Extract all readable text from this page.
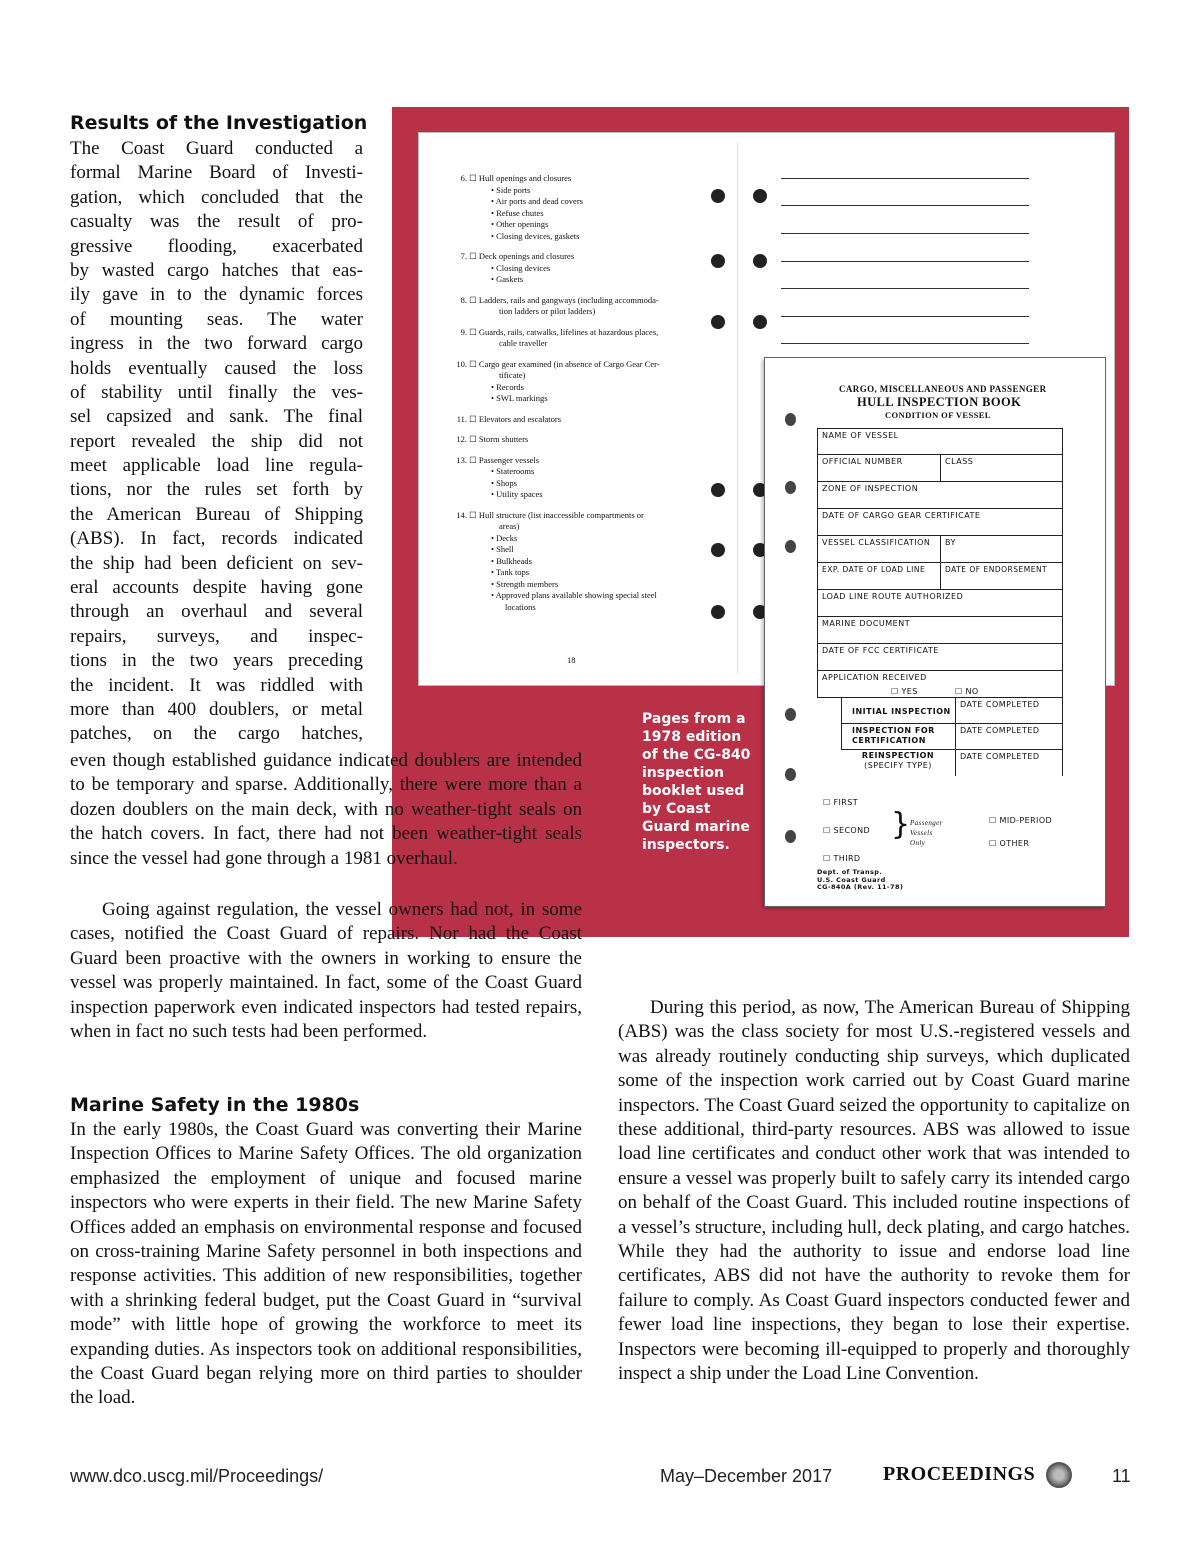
Results of the Investigation
The Coast Guard conducted a
formal Marine Board of Investi-
gation, which concluded that the
casualty was the result of pro-
gressive flooding, exacerbated
by wasted cargo hatches that eas-
ily gave in to the dynamic forces
of mounting seas. The water
ingress in the two forward cargo
holds eventually caused the loss
of stability until finally the ves-
sel capsized and sank. The final
report revealed the ship did not
meet applicable load line regula-
tions, nor the rules set forth by
the American Bureau of Shipping
(ABS). In fact, records indicated
the ship had been deficient on sev-
eral accounts despite having gone
through an overhaul and several
repairs, surveys, and inspec-
tions in the two years preceding
the incident. It was riddled with
more than 400 doublers, or metal
patches, on the cargo hatches,

even though established guidance indicated doublers are intended to be temporary and sparse. Additionally, there were more than a dozen doublers on the main deck, with no weather-tight seals on the hatch covers. In fact, there had not been weather-tight seals since the vessel had gone through a 1981 overhaul.

Going against regulation, the vessel owners had not, in some cases, notified the Coast Guard of repairs. Nor had the Coast Guard been proactive with the owners in working to ensure the vessel was properly maintained. In fact, some of the Coast Guard inspection paperwork even indicated inspectors had tested repairs, when in fact no such tests had been performed.

Marine Safety in the 1980s

In the early 1980s, the Coast Guard was converting their Marine Inspection Offices to Marine Safety Offices. The old organization emphasized the employment of unique and focused marine inspectors who were experts in their field. The new Marine Safety Offices added an emphasis on environmental response and focused on cross-training Marine Safety personnel in both inspections and response activities. This addition of new responsibilities, together with a shrinking federal budget, put the Coast Guard in “survival mode” with little hope of growing the workforce to meet its expanding duties. As inspectors took on additional responsibilities, the Coast Guard began relying more on third parties to shoulder the load.

During this period, as now, The American Bureau of Shipping (ABS) was the class society for most U.S.-registered vessels and was already routinely conducting ship surveys, which duplicated some of the inspection work carried out by Coast Guard marine inspectors. The Coast Guard seized the opportunity to capitalize on these additional, third-party resources. ABS was allowed to issue load line certificates and conduct other work that was intended to ensure a vessel was properly built to safely carry its intended cargo on behalf of the Coast Guard. This included routine inspections of a vessel’s structure, including hull, deck plating, and cargo hatches. While they had the authority to issue and endorse load line certificates, ABS did not have the authority to revoke them for failure to comply. As Coast Guard inspectors conducted fewer and fewer load line inspections, they began to lose their expertise. Inspectors were becoming ill-equipped to properly and thoroughly inspect a ship under the Load Line Convention.

6. ☐ Hull openings and closures
• Side ports
• Air ports and dead covers
• Refuse chutes
• Other openings
• Closing devices, gaskets
7. ☐ Deck openings and closures
• Closing devices
• Gaskets
8. ☐ Ladders, rails and gangways (including accommoda-
tion ladders or pilot ladders)
9. ☐ Guards, rails, catwalks, lifelines at hazardous places,
cable traveller
10. ☐ Cargo gear examined (in absence of Cargo Gear Cer-
tificate)
• Records
• SWL markings
11. ☐ Elevators and escalators
12. ☐ Storm shutters
13. ☐ Passenger vessels
• Staterooms
• Shops
• Utility spaces
14. ☐ Hull structure (list inaccessible compartments or
areas)
• Decks
• Shell
• Bulkheads
• Tank tops
• Strength members
• Approved plans available showing special steel
locations
18
CARGO, MISCELLANEOUS AND PASSENGER
HULL INSPECTION BOOK
CONDITION OF VESSEL
NAME OF VESSEL
OFFICIAL NUMBER	CLASS
ZONE OF INSPECTION
DATE OF CARGO GEAR CERTIFICATE
VESSEL CLASSIFICATION	BY
EXP. DATE OF LOAD LINE	DATE OF ENDORSEMENT
LOAD LINE ROUTE AUTHORIZED
MARINE DOCUMENT
DATE OF FCC CERTIFICATE
APPLICATION RECEIVED
☐ YES	☐ NO
INITIAL INSPECTION
DATE COMPLETED
INSPECTION FOR
CERTIFICATION
DATE COMPLETED
REINSPECTION
(SPECIFY TYPE)
DATE COMPLETED
☐ FIRST
☐ SECOND
☐ THIRD
} Passenger
Vessels
Only
☐ MID-PERIOD
☐ OTHER
Dept. of Transp.
U.S. Coast Guard
CG-840A (Rev. 11-78)
Pages from a 1978 edition of the CG-840 inspection booklet used by Coast Guard marine inspectors.
www.dco.uscg.mil/Proceedings/	May–December 2017	PROCEEDINGS	11
